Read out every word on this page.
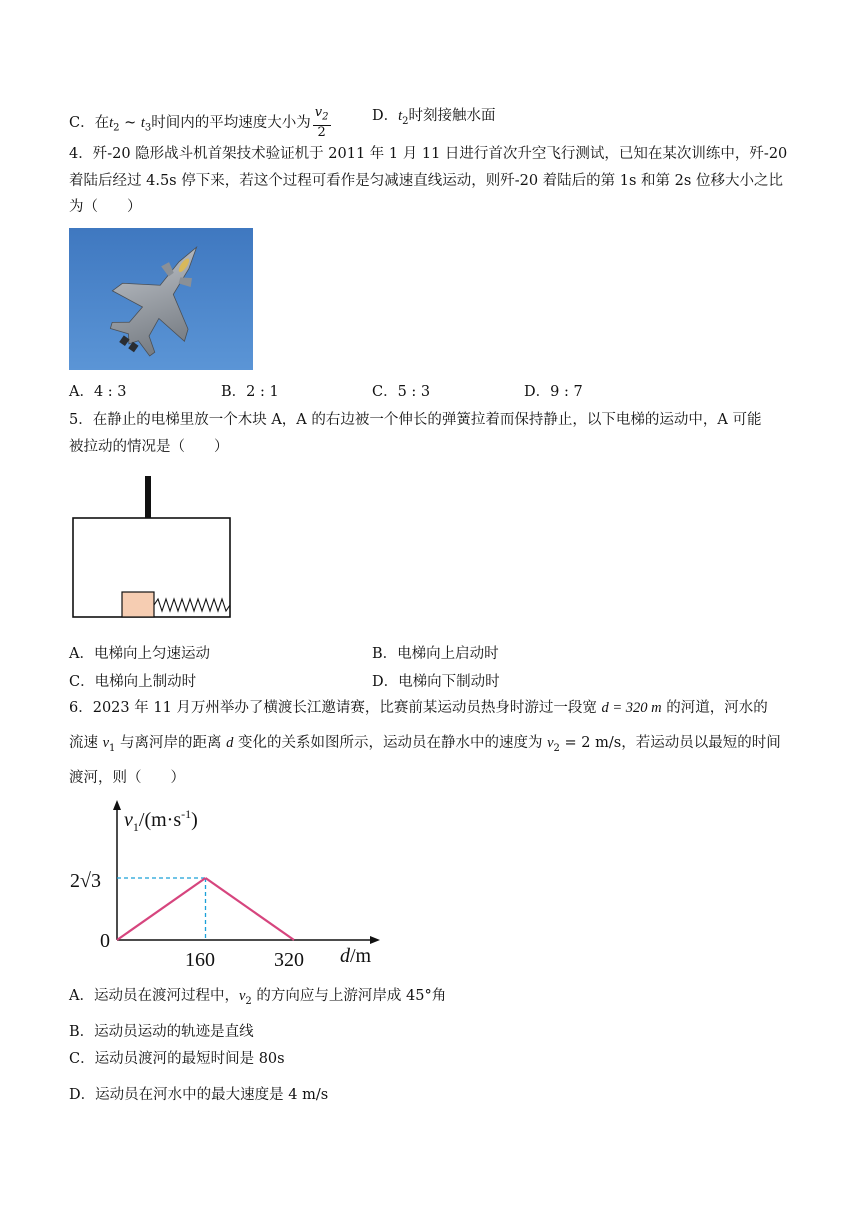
C．在$t_2$ ~ $t_3$时间内的平均速度大小为 $\frac{v_2}{2}$	D．$t_2$时刻接触水面
4．歼-20 隐形战斗机首架技术验证机于 2011 年 1 月 11 日进行首次升空飞行测试，已知在某次训练中，歼-20
着陆后经过 4.5s 停下来，若这个过程可看作是匀减速直线运动，则歼-20 着陆后的第 1s 和第 2s 位移大小之比
为（　　）
A．4 : 3	B．2 : 1	C．5 : 3	D．9 : 7
5．在静止的电梯里放一个木块 A，A 的右边被一个伸长的弹簧拉着而保持静止，以下电梯的运动中，A 可能
被拉动的情况是（　　）
A．电梯向上匀速运动	B．电梯向上启动时
C．电梯向上制动时	D．电梯向下制动时
6．2023 年 11 月万州举办了横渡长江邀请赛，比赛前某运动员热身时游过一段宽 d = 320 m 的河道，河水的
流速 $v_1$ 与离河岸的距离 d 变化的关系如图所示，运动员在静水中的速度为 $v_2 = 2$ m/s，若运动员以最短的时间
渡河，则（　　）
$v_1/(m\cdot s^{-1})$
2√3
0
160	320 d/m
A．运动员在渡河过程中，$v_2$ 的方向应与上游河岸成 45°角
B．运动员运动的轨迹是直线
C．运动员渡河的最短时间是 80s
D．运动员在河水中的最大速度是 4 m/s
